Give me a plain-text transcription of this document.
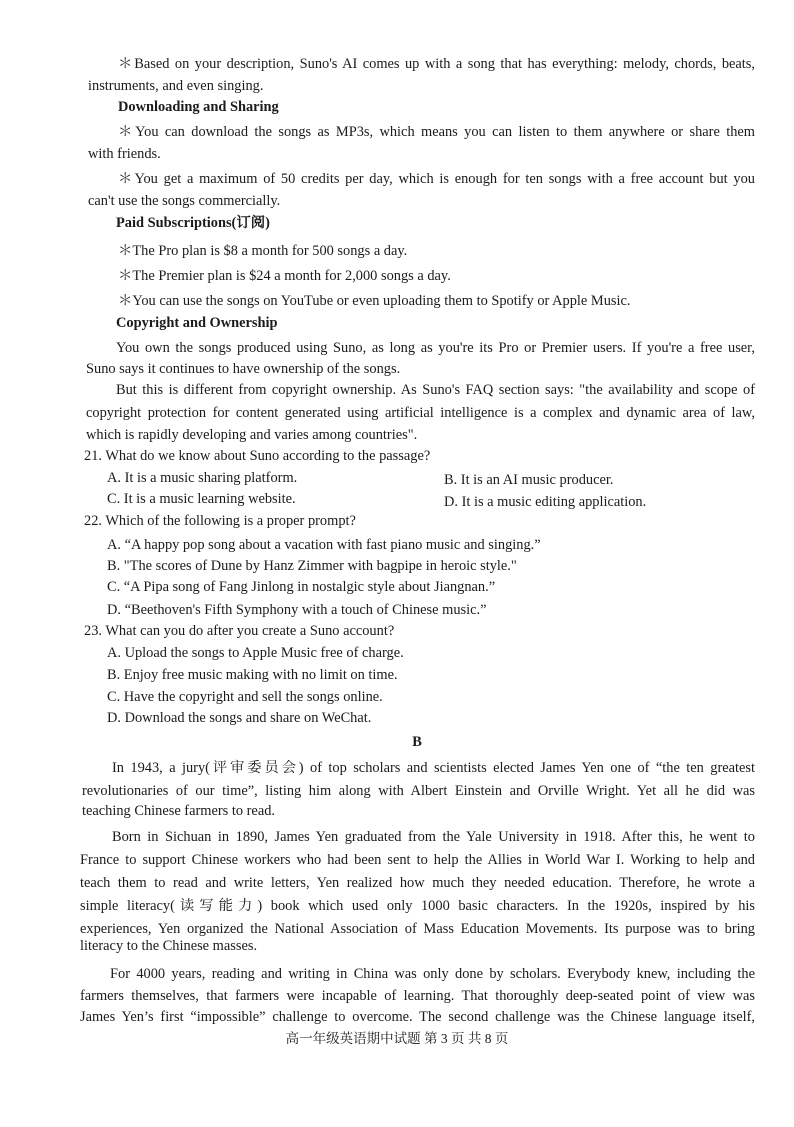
＊Based on your description, Suno's AI comes up with a song that has everything: melody, chords, beats,
instruments, and even singing.
Downloading and Sharing
＊You can download the songs as MP3s, which means you can listen to them anywhere or share them
with friends.
＊You get a maximum of 50 credits per day, which is enough for ten songs with a free account but you
can't use the songs commercially.
Paid Subscriptions(订阅)
＊The Pro plan is $8 a month for 500 songs a day.
＊The Premier plan is $24 a month for 2,000 songs a day.
＊You can use the songs on YouTube or even uploading them to Spotify or Apple Music.
Copyright and Ownership
You own the songs produced using Suno, as long as you're its Pro or Premier users. If you're a free user,
Suno says it continues to have ownership of the songs.
But this is different from copyright ownership. As Suno's FAQ section says: "the availability and scope of
copyright protection for content generated using artificial intelligence is a complex and dynamic area of law,
which is rapidly developing and varies among countries".
21. What do we know about Suno according to the passage?
A. It is a music sharing platform.	B. It is an AI music producer.
C. It is a music learning website.	D. It is a music editing application.
22. Which of the following is a proper prompt?
A. “A happy pop song about a vacation with fast piano music and singing.”
B. "The scores of Dune by Hanz Zimmer with bagpipe in heroic style."
C. “A Pipa song of Fang Jinlong in nostalgic style about Jiangnan.”
D. “Beethoven's Fifth Symphony with a touch of Chinese music.”
23. What can you do after you create a Suno account?
A. Upload the songs to Apple Music free of charge.
B. Enjoy free music making with no limit on time.
C. Have the copyright and sell the songs online.
D. Download the songs and share on WeChat.
B
In 1943, a jury(评审委员会) of top scholars and scientists elected James Yen one of “the ten greatest
revolutionaries of our time”, listing him along with Albert Einstein and Orville Wright. Yet all he did was
teaching Chinese farmers to read.
Born in Sichuan in 1890, James Yen graduated from the Yale University in 1918. After this, he went to
France to support Chinese workers who had been sent to help the Allies in World War I. Working to help and
teach them to read and write letters, Yen realized how much they needed education. Therefore, he wrote a
simple literacy(读写能力) book which used only 1000 basic characters. In the 1920s, inspired by his
experiences, Yen organized the National Association of Mass Education Movements. Its purpose was to bring
literacy to the Chinese masses.
For 4000 years, reading and writing in China was only done by scholars. Everybody knew, including the
farmers themselves, that farmers were incapable of learning. That thoroughly deep-seated point of view was
James Yen’s first “impossible” challenge to overcome. The second challenge was the Chinese language itself,
高一年级英语期中试题 第 3 页 共 8 页
